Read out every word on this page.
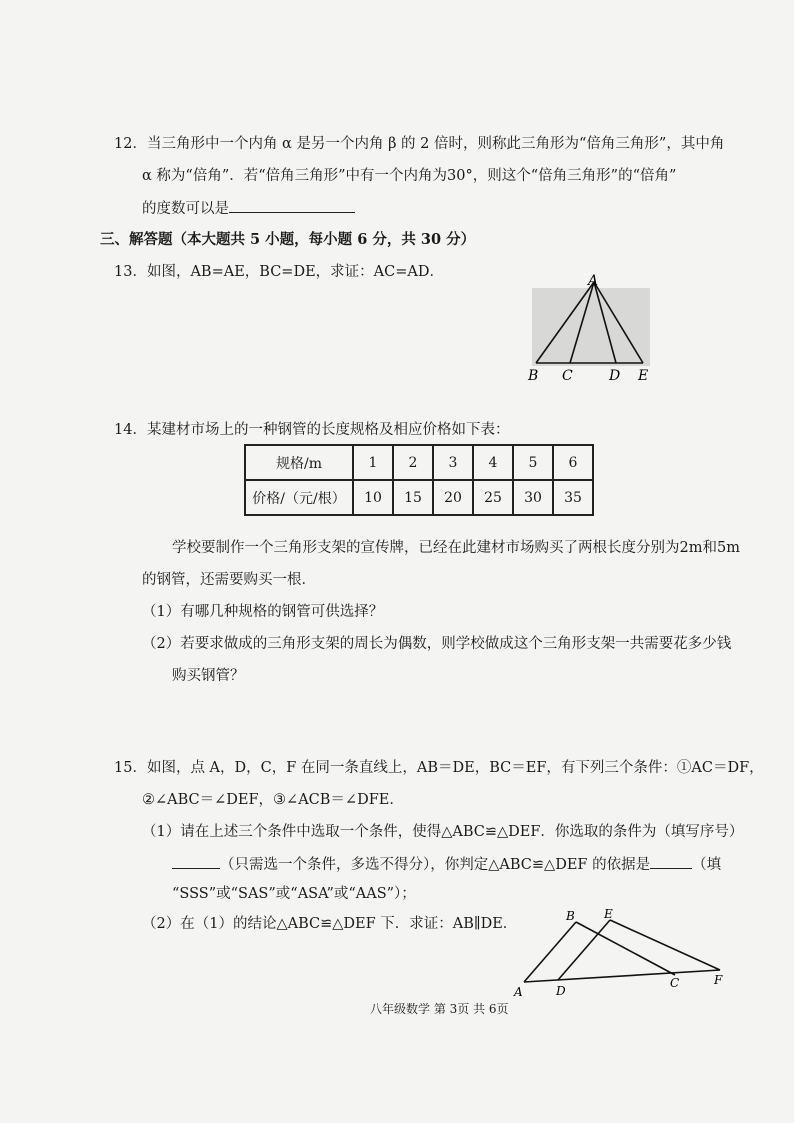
12．当三角形中一个内角 α 是另一个内角 β 的 2 倍时，则称此三角形为“倍角三角形”，其中角
α 称为“倍角”．若“倍角三角形”中有一个内角为30°，则这个“倍角三角形”的“倍角”
的度数可以是
三、解答题（本大题共 5 小题，每小题 6 分，共 30 分）
13．如图，AB=AE，BC=DE，求证：AC=AD．
A
B C	D E
14．某建材市场上的一种钢管的长度规格及相应价格如下表：
规格/m	1	2	3	4	5	6
价格/（元/根）	10	15	20	25	30	35
学校要制作一个三角形支架的宣传牌，已经在此建材市场购买了两根长度分别为2m和5m
的钢管，还需要购买一根．
（1）有哪几种规格的钢管可供选择？
（2）若要求做成的三角形支架的周长为偶数，则学校做成这个三角形支架一共需要花多少钱
购买钢管？
15．如图，点 A，D，C，F 在同一条直线上，AB＝DE，BC＝EF，有下列三个条件：①AC＝DF，
②∠ABC＝∠DEF，③∠ACB＝∠DFE．
（1）请在上述三个条件中选取一个条件，使得△ABC≌△DEF．你选取的条件为（填写序号）
（只需选一个条件，多选不得分），你判定△ABC≌△DEF 的依据是	（填
“SSS”或“SAS”或“ASA”或“AAS”）；
（2）在（1）的结论△ABC≌△DEF 下．求证：AB∥DE．
A
B
C
D
E
F
八年级数学 第 3页 共 6页
